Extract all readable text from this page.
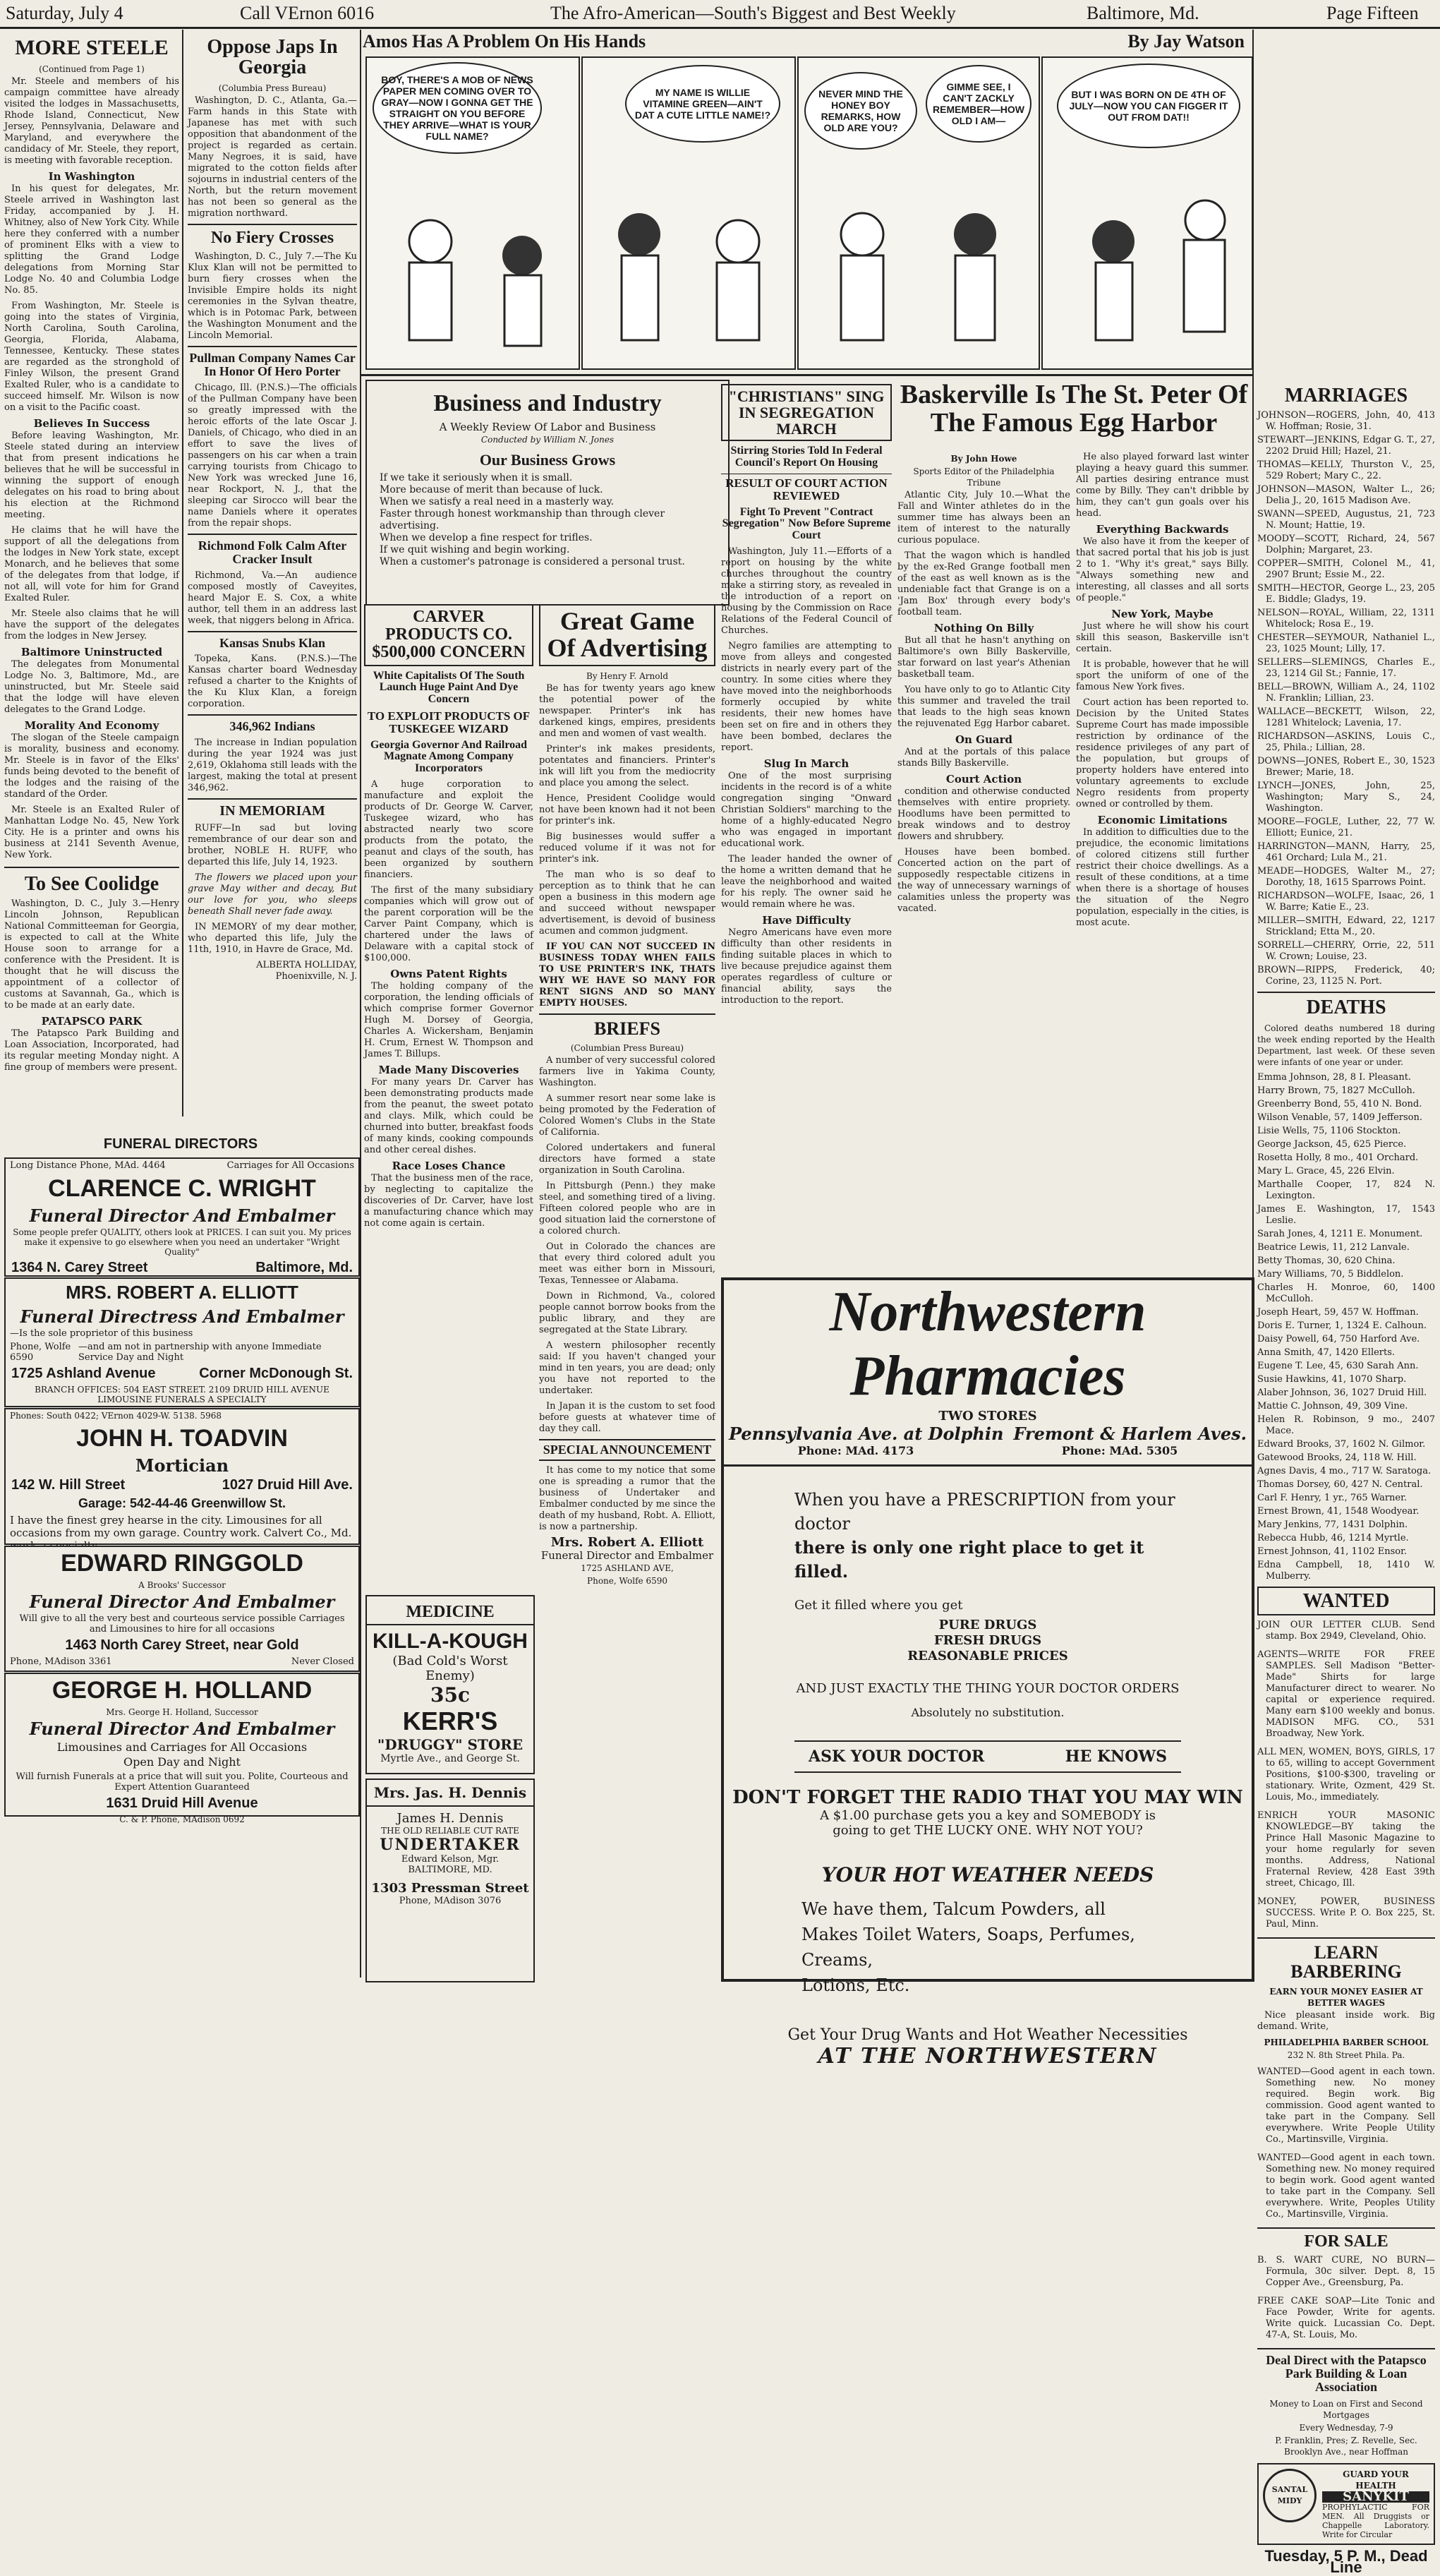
Saturday, July 4	Call VErnon 6016	The Afro-American—South's Biggest and Best Weekly	Baltimore, Md.	Page Fifteen
MORE STEELE
(Continued from Page 1)

Mr. Steele and members of his campaign committee have already visited the lodges in Massachusetts, Rhode Island, Connecticut, New Jersey, Pennsylvania, Delaware and Maryland, and everywhere the candidacy of Mr. Steele, they report, is meeting with favorable reception.

In Washington

In his quest for delegates, Mr. Steele arrived in Washington last Friday, accompanied by J. H. Whitney, also of New York City. While here they conferred with a number of prominent Elks with a view to splitting the Grand Lodge delegations from Morning Star Lodge No. 40 and Columbia Lodge No. 85.

From Washington, Mr. Steele is going into the states of Virginia, North Carolina, South Carolina, Georgia, Florida, Alabama, Tennessee, Kentucky. These states are regarded as the stronghold of Finley Wilson, the present Grand Exalted Ruler, who is a candidate to succeed himself. Mr. Wilson is now on a visit to the Pacific coast.

Believes In Success

Before leaving Washington, Mr. Steele stated during an interview that from present indications he believes that he will be successful in winning the support of enough delegates on his road to bring about his election at the Richmond meeting.

He claims that he will have the support of all the delegations from the lodges in New York state, except Monarch, and he believes that some of the delegates from that lodge, if not all, will vote for him for Grand Exalted Ruler.

Mr. Steele also claims that he will have the support of the delegates from the lodges in New Jersey.

Baltimore Uninstructed

The delegates from Monumental Lodge No. 3, Baltimore, Md., are uninstructed, but Mr. Steele said that the lodge will have eleven delegates to the Grand Lodge.

Morality And Economy

The slogan of the Steele campaign is morality, business and economy. Mr. Steele is in favor of the Elks' funds being devoted to the benefit of the lodges and the raising of the standard of the Order.

Mr. Steele is an Exalted Ruler of Manhattan Lodge No. 45, New York City. He is a printer and owns his business at 2141 Seventh Avenue, New York.

To See Coolidge

Washington, D. C., July 3.—Henry Lincoln Johnson, Republican National Committeeman for Georgia, is expected to call at the White House soon to arrange for a conference with the President. It is thought that he will discuss the appointment of a collector of customs at Savannah, Ga., which is to be made at an early date.

PATAPSCO PARK

The Patapsco Park Building and Loan Association, Incorporated, had its regular meeting Monday night. A fine group of members were present.

Oppose Japs In Georgia
(Columbia Press Bureau)

Washington, D. C., Atlanta, Ga.—Farm hands in this State with Japanese has met with such opposition that abandonment of the project is regarded as certain. Many Negroes, it is said, have migrated to the cotton fields after sojourns in industrial centers of the North, but the return movement has not been so general as the migration northward.

No Fiery Crosses

Washington, D. C., July 7.—The Ku Klux Klan will not be permitted to burn fiery crosses when the Invisible Empire holds its night ceremonies in the Sylvan theatre, which is in Potomac Park, between the Washington Monument and the Lincoln Memorial.

Pullman Company Names Car In Honor Of Hero Porter

Chicago, Ill. (P.N.S.)—The officials of the Pullman Company have been so greatly impressed with the heroic efforts of the late Oscar J. Daniels, of Chicago, who died in an effort to save the lives of passengers on his car when a train carrying tourists from Chicago to New York was wrecked June 16, near Rockport, N. J., that the sleeping car Sirocco will bear the name Daniels where it operates from the repair shops.

Richmond Folk Calm After Cracker Insult

Richmond, Va.—An audience composed mostly of Caveyites, heard Major E. S. Cox, a white author, tell them in an address last week, that niggers belong in Africa.

Kansas Snubs Klan

Topeka, Kans. (P.N.S.)—The Kansas charter board Wednesday refused a charter to the Knights of the Ku Klux Klan, a foreign corporation.

346,962 Indians

The increase in Indian population during the year 1924 was just 2,619, Oklahoma still leads with the largest, making the total at present 346,962.

IN MEMORIAM

RUFF—In sad but loving remembrance of our dear son and brother, NOBLE H. RUFF, who departed this life, July 14, 1923.

The flowers we placed upon your grave May wither and decay, But our love for you, who sleeps beneath Shall never fade away.

IN MEMORY of my dear mother, who departed this life, July the 11th, 1910, in Havre de Grace, Md.

ALBERTA HOLLIDAY, Phoenixville, N. J.

Amos Has A Problem On His Hands	By Jay Watson
BOY, THERE'S A MOB OF NEWS PAPER MEN COMING OVER TO GRAY—NOW I GONNA GET THE STRAIGHT ON YOU BEFORE THEY ARRIVE—WHAT IS YOUR FULL NAME?
MY NAME IS WILLIE VITAMINE GREEN—AIN'T DAT A CUTE LITTLE NAME!?
NEVER MIND THE HONEY BOY REMARKS, HOW OLD ARE YOU?
GIMME SEE, I CAN'T ZACKLY REMEMBER—HOW OLD I AM—
BUT I WAS BORN ON DE 4TH OF JULY—NOW YOU CAN FIGGER IT OUT FROM DAT!!
Business and Industry
A Weekly Review Of Labor and Business
Conducted by William N. Jones
Our Business Grows
If we take it seriously when it is small.
More because of merit than because of luck.
When we satisfy a real need in a masterly way.
Faster through honest workmanship than through clever advertising.
When we develop a fine respect for trifles.
If we quit wishing and begin working.
When a customer's patronage is considered a personal trust.
CARVER PRODUCTS CO. $500,000 CONCERN
White Capitalists Of The South Launch Huge Paint And Dye Concern
TO EXPLOIT PRODUCTS OF TUSKEGEE WIZARD
Georgia Governor And Railroad Magnate Among Company Incorporators

A huge corporation to manufacture and exploit the products of Dr. George W. Carver, Tuskegee wizard, who has abstracted nearly two score products from the potato, the peanut and clays of the south, has been organized by southern financiers.

The first of the many subsidiary companies which will grow out of the parent corporation will be the Carver Paint Company, which is chartered under the laws of Delaware with a capital stock of $100,000.

Owns Patent Rights

The holding company of the corporation, the lending officials of which comprise former Governor Hugh M. Dorsey of Georgia, Charles A. Wickersham, Benjamin H. Crum, Ernest W. Thompson and James T. Billups.

Made Many Discoveries

For many years Dr. Carver has been demonstrating products made from the peanut, the sweet potato and clays. Milk, which could be churned into butter, breakfast foods of many kinds, cooking compounds and other cereal dishes.

Race Loses Chance

That the business men of the race, by neglecting to capitalize the discoveries of Dr. Carver, have lost a manufacturing chance which may not come again is certain.

MEDICINE
KILL-A-KOUGH
(Bad Cold's Worst Enemy)
35c
KERR'S
"DRUGGY" STORE
Myrtle Ave., and George St.
Mrs. Jas. H. Dennis
James H. Dennis
THE OLD RELIABLE CUT RATE
UNDERTAKER
Edward Kelson, Mgr.
BALTIMORE, MD.
1303 Pressman Street
Phone, MAdison 3076
Great Game Of Advertising
By Henry F. Arnold

Be has for twenty years ago knew the potential power of the newspaper. Printer's ink has darkened kings, empires, presidents and men and women of vast wealth.

Printer's ink makes presidents, potentates and financiers. Printer's ink will lift you from the mediocrity and place you among the select.

Hence, President Coolidge would not have been known had it not been for printer's ink.

Big businesses would suffer a reduced volume if it was not for printer's ink.

The man who is so deaf to perception as to think that he can open a business in this modern age and succeed without newspaper advertisement, is devoid of business acumen and common judgment.

IF YOU CAN NOT SUCCEED IN BUSINESS TODAY WHEN FAILS TO USE PRINTER'S INK, THATS WHY WE HAVE SO MANY FOR RENT SIGNS AND SO MANY EMPTY HOUSES.

BRIEFS
(Columbian Press Bureau)

A number of very successful colored farmers live in Yakima County, Washington.

A summer resort near some lake is being promoted by the Federation of Colored Women's Clubs in the State of California.

Colored undertakers and funeral directors have formed a state organization in South Carolina.

In Pittsburgh (Penn.) they make steel, and something tired of a living. Fifteen colored people who are in good situation laid the cornerstone of a colored church.

Out in Colorado the chances are that every third colored adult you meet was either born in Missouri, Texas, Tennessee or Alabama.

Down in Richmond, Va., colored people cannot borrow books from the public library, and they are segregated at the State Library.

A western philosopher recently said: If you haven't changed your mind in ten years, you are dead; only you have not reported to the undertaker.

In Japan it is the custom to set food before guests at whatever time of day they call.

SPECIAL ANNOUNCEMENT

It has come to my notice that some one is spreading a rumor that the business of Undertaker and Embalmer conducted by me since the death of my husband, Robt. A. Elliott, is now a partnership.

Mrs. Robert A. Elliott
Funeral Director and Embalmer
1725 ASHLAND AVE,
Phone, Wolfe 6590
"CHRISTIANS" SING IN SEGREGATION MARCH
Stirring Stories Told In Federal Council's Report On Housing
RESULT OF COURT ACTION REVIEWED
Fight To Prevent "Contract Segregation" Now Before Supreme Court

Washington, July 11.—Efforts of a report on housing by the white churches throughout the country make a stirring story, as revealed in the introduction of a report on housing by the Commission on Race Relations of the Federal Council of Churches.

Negro families are attempting to move from alleys and congested districts in nearly every part of the country. In some cities where they have moved into the neighborhoods formerly occupied by white residents, their new homes have been set on fire and in others they have been bombed, declares the report.

Slug In March

One of the most surprising incidents in the record is of a white congregation singing "Onward Christian Soldiers" marching to the home of a highly-educated Negro who was engaged in important educational work.

The leader handed the owner of the home a written demand that he leave the neighborhood and waited for his reply. The owner said he would remain where he was.

Have Difficulty

Negro Americans have even more difficulty than other residents in finding suitable places in which to live because prejudice against them operates regardless of culture or financial ability, says the introduction to the report.

Baskerville Is The St. Peter Of The Famous Egg Harbor
By John Howe
Sports Editor of the Philadelphia Tribune

Atlantic City, July 10.—What the Fall and Winter athletes do in the summer time has always been an item of interest to the naturally curious populace.

That the wagon which is handled by the ex-Red Grange football men of the east as well known as is the undeniable fact that Grange is on a 'Jam Box' through every body's football team.

Nothing On Billy

But all that he hasn't anything on Baltimore's own Billy Baskerville, star forward on last year's Athenian basketball team.

You have only to go to Atlantic City this summer and traveled the trail that leads to the high seas known the rejuvenated Egg Harbor cabaret.

On Guard

And at the portals of this palace stands Billy Baskerville.

Court Action

condition and otherwise conducted themselves with entire propriety. Hoodlums have been permitted to break windows and to destroy flowers and shrubbery.

Houses have been bombed. Concerted action on the part of supposedly respectable citizens in the way of unnecessary warnings of calamities unless the property was vacated.

He also played forward last winter playing a heavy guard this summer. All parties desiring entrance must come by Billy. They can't dribble by him, they can't gun goals over his head.

Everything Backwards

We also have it from the keeper of that sacred portal that his job is just 2 to 1. "Why it's great," says Billy. "Always something new and interesting, all classes and all sorts of people."

New York, Maybe

Just where he will show his court skill this season, Baskerville isn't certain.

It is probable, however that he will sport the uniform of one of the famous New York fives.

Court action has been reported to. Decision by the United States Supreme Court has made impossible restriction by ordinance of the residence privileges of any part of the population, but groups of property holders have entered into voluntary agreements to exclude Negro residents from property owned or controlled by them.

Economic Limitations

In addition to difficulties due to the prejudice, the economic limitations of colored citizens still further restrict their choice dwellings. As a result of these conditions, at a time when there is a shortage of houses the situation of the Negro population, especially in the cities, is most acute.

Northwestern Pharmacies
TWO STORES
Pennsylvania Ave. at Dolphin Fremont & Harlem Aves.
Phone: MAd. 4173	Phone: MAd. 5305
When you have a PRESCRIPTION from your doctor
there is only one right place to get it filled.
Get it filled where you get
PURE DRUGS
FRESH DRUGS
REASONABLE PRICES
AND JUST EXACTLY THE THING YOUR DOCTOR ORDERS
Absolutely no substitution.
ASK YOUR DOCTOR	HE KNOWS
DON'T FORGET THE RADIO THAT YOU MAY WIN
A $1.00 purchase gets you a key and SOMEBODY is going to get THE LUCKY ONE. WHY NOT YOU?
YOUR HOT WEATHER NEEDS
We have them, Talcum Powders, all
Makes Toilet Waters, Soaps, Perfumes, Creams,
Lotions, Etc.
Get Your Drug Wants and Hot Weather Necessities
AT THE NORTHWESTERN
MARRIAGES
JOHNSON—ROGERS, John, 40, 413 W. Hoffman; Rosie, 31.
STEWART—JENKINS, Edgar G. T., 27, 2202 Druid Hill; Hazel, 21.
THOMAS—KELLY, Thurston V., 25, 529 Robert; Mary C., 22.
JOHNSON—MASON, Walter L., 26; Delia J., 20, 1615 Madison Ave.
SWANN—SPEED, Augustus, 21, 723 N. Mount; Hattie, 19.
MOODY—SCOTT, Richard, 24, 567 Dolphin; Margaret, 23.
COPPER—SMITH, Colonel M., 41, 2907 Brunt; Essie M., 22.
SMITH—HECTOR, George L., 23, 205 E. Biddle; Gladys, 19.
NELSON—ROYAL, William, 22, 1311 Whitelock; Rosa E., 19.
CHESTER—SEYMOUR, Nathaniel L., 23, 1025 Mount; Lilly, 17.
SELLERS—SLEMINGS, Charles E., 23, 1214 Gil St.; Fannie, 17.
BELL—BROWN, William A., 24, 1102 N. Franklin; Lillian, 23.
WALLACE—BECKETT, Wilson, 22, 1281 Whitelock; Lavenia, 17.
RICHARDSON—ASKINS, Louis C., 25, Phila.; Lillian, 28.
DOWNS—JONES, Robert E., 30, 1523 Brewer; Marie, 18.
LYNCH—JONES, John, 25, Washington; Mary S., 24, Washington.
MOORE—FOGLE, Luther, 22, 77 W. Elliott; Eunice, 21.
HARRINGTON—MANN, Harry, 25, 461 Orchard; Lula M., 21.
MEADE—HODGES, Walter M., 27; Dorothy, 18, 1615 Sparrows Point.
RICHARDSON—WOLFE, Isaac, 26, 1 W. Barre; Katie E., 23.
MILLER—SMITH, Edward, 22, 1217 Strickland; Etta M., 20.
SORRELL—CHERRY, Orrie, 22, 511 W. Crown; Louise, 23.
BROWN—RIPPS, Frederick, 40; Corine, 23, 1125 N. Port.
DEATHS

Colored deaths numbered 18 during the week ending reported by the Health Department, last week. Of these seven were infants of one year or under.

Emma Johnson, 28, 8 I. Pleasant.
Harry Brown, 75, 1827 McCulloh.
Greenberry Bond, 55, 410 N. Bond.
Wilson Venable, 57, 1409 Jefferson.
Lisie Wells, 75, 1106 Stockton.
George Jackson, 45, 625 Pierce.
Rosetta Holly, 8 mo., 401 Orchard.
Mary L. Grace, 45, 226 Elvin.
Marthalle Cooper, 17, 824 N. Lexington.
James E. Washington, 17, 1543 Leslie.
Sarah Jones, 4, 1211 E. Monument.
Beatrice Lewis, 11, 212 Lanvale.
Betty Thomas, 30, 620 China.
Mary Williams, 70, 5 Biddlelon.
Charles H. Monroe, 60, 1400 McCulloh.
Joseph Heart, 59, 457 W. Hoffman.
Doris E. Turner, 1, 1324 E. Calhoun.
Daisy Powell, 64, 750 Harford Ave.
Anna Smith, 47, 1420 Ellerts.
Eugene T. Lee, 45, 630 Sarah Ann.
Susie Hawkins, 41, 1070 Sharp.
Alaber Johnson, 36, 1027 Druid Hill.
Mattie C. Johnson, 49, 309 Vine.
Helen R. Robinson, 9 mo., 2407 Mace.
Edward Brooks, 37, 1602 N. Gilmor.
Gatewood Brooks, 24, 118 W. Hill.
Agnes Davis, 4 mo., 717 W. Saratoga.
Thomas Dorsey, 60, 427 N. Central.
Carl F. Henry, 1 yr., 765 Warner.
Ernest Brown, 41, 1548 Woodyear.
Mary Jenkins, 77, 1431 Dolphin.
Rebecca Hubb, 46, 1214 Myrtle.
Ernest Johnson, 41, 1102 Ensor.
Edna Campbell, 18, 1410 W. Mulberry.
WANTED
JOIN OUR LETTER CLUB. Send stamp. Box 2949, Cleveland, Ohio.
AGENTS—WRITE FOR FREE SAMPLES. Sell Madison "Better-Made" Shirts for large Manufacturer direct to wearer. No capital or experience required. Many earn $100 weekly and bonus. MADISON MFG. CO., 531 Broadway, New York.
ALL MEN, WOMEN, BOYS, GIRLS, 17 to 65, willing to accept Government Positions, $100-$300, traveling or stationary. Write, Ozment, 429 St. Louis, Mo., immediately.
ENRICH YOUR MASONIC KNOWLEDGE—BY taking the Prince Hall Masonic Magazine to your home regularly for seven months. Address, National Fraternal Review, 428 East 39th street, Chicago, Ill.
MONEY, POWER, BUSINESS SUCCESS. Write P. O. Box 225, St. Paul, Minn.
LEARN BARBERING
EARN YOUR MONEY EASIER AT BETTER WAGES

Nice pleasant inside work. Big demand. Write,

PHILADELPHIA BARBER SCHOOL
232 N. 8th Street Phila. Pa.
WANTED—Good agent in each town. Something new. No money required. Begin work. Big commission. Good agent wanted to take part in the Company. Sell everywhere. Write People Utility Co., Martinsville, Virginia.
WANTED—Good agent in each town. Something new. No money required to begin work. Good agent wanted to take part in the Company. Sell everywhere. Write, Peoples Utility Co., Martinsville, Virginia.
FOR SALE
B. S. WART CURE, NO BURN—Formula, 30c silver. Dept. 8, 15 Copper Ave., Greensburg, Pa.
FREE CAKE SOAP—Lite Tonic and Face Powder, Write for agents. Write quick. Lucassian Co. Dept. 47-A, St. Louis, Mo.
Deal Direct with the Patapsco Park Building & Loan Association
Money to Loan on First and Second Mortgages
Every Wednesday, 7-9
P. Franklin, Pres; Z. Revelle, Sec. Brooklyn Ave., near Hoffman
SANTAL MIDY
GUARD YOUR HEALTH
SANYKIT
PROPHYLACTIC FOR MEN. All Druggists or Chappelle Laboratory. Write for Circular
Tuesday, 5 P. M., Dead Line
FUNERAL DIRECTORS
Long Distance Phone, MAd. 4464	Carriages for All Occasions
CLARENCE C. WRIGHT
Funeral Director And Embalmer
Some people prefer QUALITY, others look at PRICES. I can suit you. My prices make it expensive to go elsewhere when you need an undertaker "Wright Quality"
1364 N. Carey Street	Baltimore, Md.
MRS. ROBERT A. ELLIOTT
Funeral Directress And Embalmer
—Is the sole proprietor of this business
Phone, Wolfe 6590
—and am not in partnership with anyone Immediate Service Day and Night
1725 Ashland Avenue	Corner McDonough St.
BRANCH OFFICES: 504 EAST STREET. 2109 DRUID HILL AVENUE LIMOUSINE FUNERALS A SPECIALTY
Phones: South 0422; VErnon 4029-W. 5138. 5968
JOHN H. TOADVIN
Mortician
142 W. Hill Street	1027 Druid Hill Ave.
Garage: 542-44-46 Greenwillow St.
I have the finest grey hearse in the city. Limousines for all occasions from my own garage. Country work. Calvert Co., Md.
EDWARD RINGGOLD
A Brooks' Successor
Funeral Director And Embalmer
Will give to all the very best and courteous service possible Carriages and Limousines to hire for all occasions
1463 North Carey Street, near Gold
Phone, MAdison 3361	Never Closed
GEORGE H. HOLLAND
Mrs. George H. Holland, Successor
Funeral Director And Embalmer
Limousines and Carriages for All Occasions
Open Day and Night
Will furnish Funerals at a price that will suit you. Polite, Courteous and Expert Attention Guaranteed
1631 Druid Hill Avenue
C. & P. Phone, MAdison 0692
